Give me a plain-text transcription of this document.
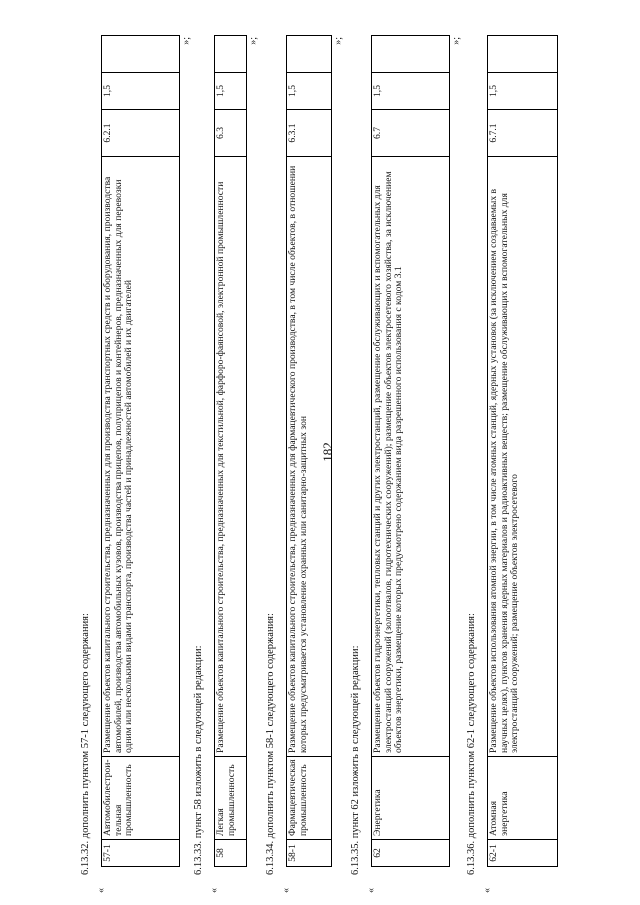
182
6.13.32. дополнить пунктом 57-1 следующего содержания:
«
57-1	Автомобилестрои-тельная промышленность	Размещение объектов капитального строительства, предназначенных для производства транспортных средств и оборудования, производства автомобилей, производства автомобильных кузовов, производства прицепов, полуприцепов и контейнеров, предназначенных для перевозки одним или несколькими видами транспорта, производства частей и принадлежностей автомобилей и их двигателей	6.2.1	1,5	
»;
6.13.33. пункт 58 изложить в следующей редакции:
«
58	Легкая промышленность	Размещение объектов капитального строительства, предназначенных для текстильной, фарфоро-фаянсовой, электронной промышленности	6.3	1,5	
»;
6.13.34. дополнить пунктом 58-1 следующего содержания:
«
58-1	Фармацевтическая промышленность	Размещение объектов капитального строительства, предназначенных для фармацевтического производства, в том числе объектов, в отношении которых предусматривается установление охранных или санитарно-защитных зон	6.3.1	1,5	
»;
6.13.35. пункт 62 изложить в следующей редакции:
«
62	Энергетика	Размещение объектов гидроэнергетики, тепловых станций и других электростанций, размещение обслуживающих и вспомогательных для электростанций сооружений (золоотвалов, гидротехнических сооружений); размещение объектов электросетевого хозяйства, за исключением объектов энергетики, размещение которых предусмотрено содержанием вида разрешенного использования с кодом 3.1	6.7	1,5	
»;
6.13.36. дополнить пунктом 62-1 следующего содержания:
«
62-1	Атомная энергетика	Размещение объектов использования атомной энергии, в том числе атомных станций, ядерных установок (за исключением создаваемых в научных целях), пунктов хранения ядерных материалов и радиоактивных веществ; размещение обслуживающих и вспомогательных для электростанций сооружений; размещение объектов электросетевого	6.7.1	1,5	
